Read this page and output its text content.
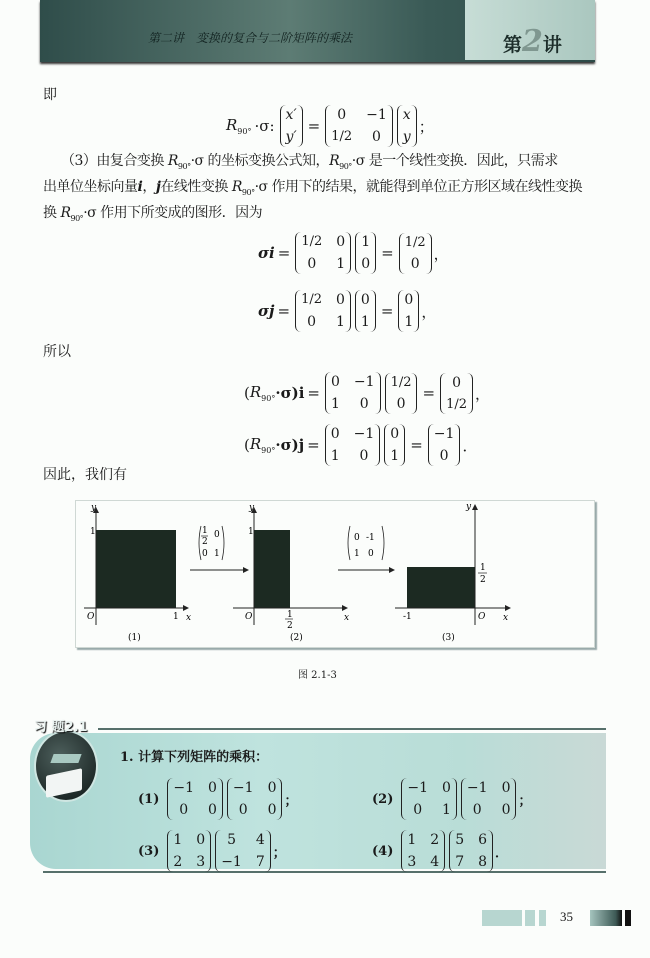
第二讲　变换的复合与二阶矩阵的乘法	第2讲
即
$R_{90^\circ} \cdot\sigma$:
x′
y′
=
0	−1
1/2	0
x
y
；
（3）由复合变换 $R_{90^\circ}\cdot\sigma$ 的坐标变换公式知，$R_{90^\circ}\cdot\sigma$ 是一个线性变换．因此，只需求
出单位坐标向量i，j在线性变换 $R_{90^\circ}\cdot\sigma$ 作用下的结果，就能得到单位正方形区域在线性变换
换 $R_{90^\circ}\cdot\sigma$ 作用下所变成的图形．因为
σi =
1/2 0
0	1
1
0
=
1/2
0
，
σj =
1/2 0
0	1
0
1
=
0
1
，
所以
( $R_{90^\circ} \cdot\sigma)i$ =
0 −1
1	0
1/2
0
=
0
1/2
，
( $R_{90^\circ} \cdot\sigma)j$ =
0 −1
1	0
0
1
=
−1
0
．
因此，我们有
y
x
O
1
1
(1)
1
2
0
0 1
y
x
O
1
1
2
(2)
0 -1
1 0
y
x
O
-1
1
2
(3)
图 2.1-3
习 题2.1
1. 计算下列矩阵的乘积：
(1)
−1 0
0	0
−1 0
0	0
；	(2)
−1 0
0	1
−1 0
0	0
；
(3)
1 0
2 3
5	4
−1 7
；	(4)
1 2
3 4
5 6
7 8
．
35
